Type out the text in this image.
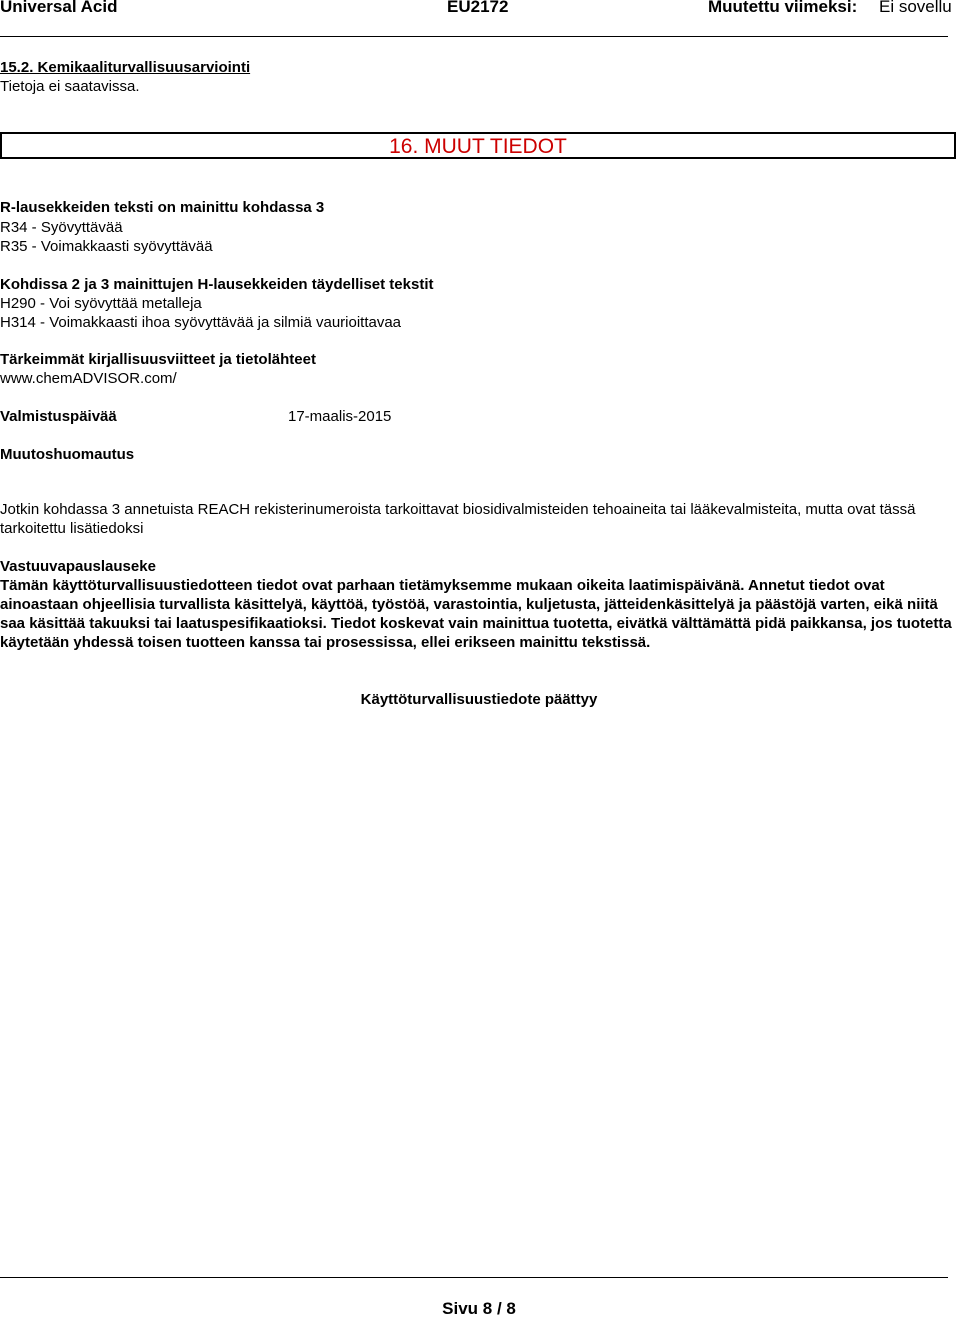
Universal Acid	EU2172	Muutettu viimeksi: Ei sovellu
15.2. Kemikaaliturvallisuusarviointi
Tietoja ei saatavissa.
16. MUUT TIEDOT
R-lausekkeiden teksti on mainittu kohdassa 3
R34 - Syövyttävää
R35 - Voimakkaasti syövyttävää
Kohdissa 2 ja 3 mainittujen H-lausekkeiden täydelliset tekstit
H290 - Voi syövyttää metalleja
H314 - Voimakkaasti ihoa syövyttävää ja silmiä vaurioittavaa
Tärkeimmät kirjallisuusviitteet ja tietolähteet
www.chemADVISOR.com/
Valmistuspäivää	17-maalis-2015
Muutoshuomautus
Jotkin kohdassa 3 annetuista REACH rekisterinumeroista tarkoittavat biosidivalmisteiden tehoaineita tai lääkevalmisteita, mutta ovat tässä tarkoitettu lisätiedoksi
Vastuuvapauslauseke
Tämän käyttöturvallisuustiedotteen tiedot ovat parhaan tietämyksemme mukaan oikeita laatimispäivänä. Annetut tiedot ovat ainoastaan ohjeellisia turvallista käsittelyä, käyttöä, työstöä, varastointia, kuljetusta, jätteidenkäsittelyä ja päästöjä varten, eikä niitä saa käsittää takuuksi tai laatuspesifikaatioksi. Tiedot koskevat vain mainittua tuotetta, eivätkä välttämättä pidä paikkansa, jos tuotetta käytetään yhdessä toisen tuotteen kanssa tai prosessissa, ellei erikseen mainittu tekstissä.
Käyttöturvallisuustiedote päättyy
Sivu 8 / 8
